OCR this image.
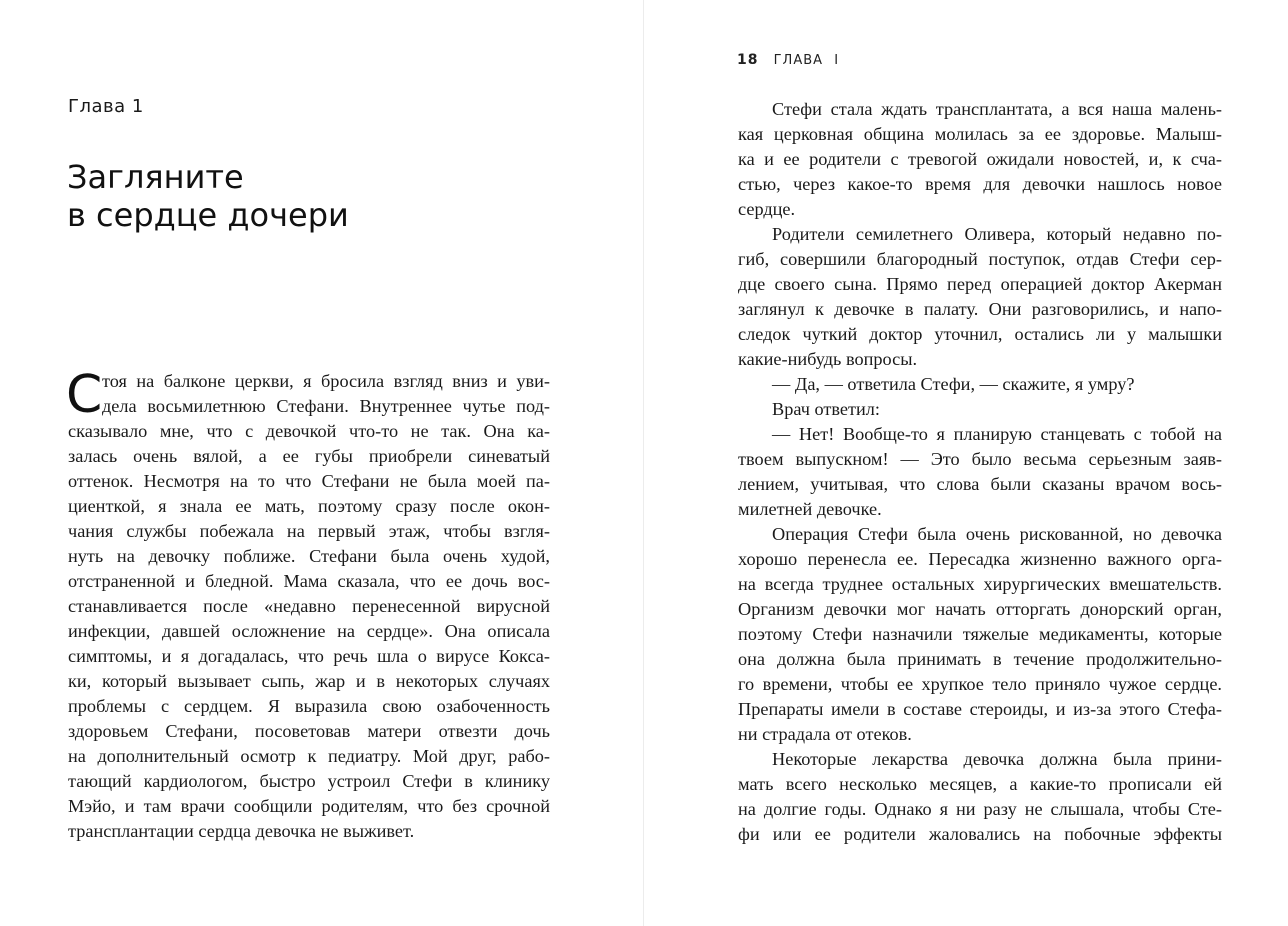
Глава 1
Загляните
в сердце дочери
С тоя на балконе церкви, я бросила взгляд вниз и уви-
дела восьмилетнюю Стефани. Внутреннее чутье под-
сказывало мне, что с девочкой что-то не так. Она ка-
залась очень вялой, а ее губы приобрели синеватый
оттенок. Несмотря на то что Стефани не была моей па-
циенткой, я знала ее мать, поэтому сразу после окон-
чания службы побежала на первый этаж, чтобы взгля-
нуть на девочку поближе. Стефани была очень худой,
отстраненной и бледной. Мама сказала, что ее дочь вос-
станавливается после «недавно перенесенной вирусной
инфекции, давшей осложнение на сердце». Она описала
симптомы, и я догадалась, что речь шла о вирусе Кокса-
ки, который вызывает сыпь, жар и в некоторых случаях
проблемы с сердцем. Я выразила свою озабоченность
здоровьем Стефани, посоветовав матери отвезти дочь
на дополнительный осмотр к педиатру. Мой друг, рабо-
тающий кардиологом, быстро устроил Стефи в клинику
Мэйо, и там врачи сообщили родителям, что без срочной
трансплантации сердца девочка не выживет.
18 ГЛАВА I
Стефи стала ждать трансплантата, а вся наша малень-
кая церковная община молилась за ее здоровье. Малыш-
ка и ее родители с тревогой ожидали новостей, и, к сча-
стью, через какое-то время для девочки нашлось новое
сердце.
Родители семилетнего Оливера, который недавно по-
гиб, совершили благородный поступок, отдав Стефи сер-
дце своего сына. Прямо перед операцией доктор Акерман
заглянул к девочке в палату. Они разговорились, и напо-
следок чуткий доктор уточнил, остались ли у малышки
какие-нибудь вопросы.
— Да, — ответила Стефи, — скажите, я умру?
Врач ответил:
— Нет! Вообще-то я планирую станцевать с тобой на
твоем выпускном! — Это было весьма серьезным заяв-
лением, учитывая, что слова были сказаны врачом вось-
милетней девочке.
Операция Стефи была очень рискованной, но девочка
хорошо перенесла ее. Пересадка жизненно важного орга-
на всегда труднее остальных хирургических вмешательств.
Организм девочки мог начать отторгать донорский орган,
поэтому Стефи назначили тяжелые медикаменты, которые
она должна была принимать в течение продолжительно-
го времени, чтобы ее хрупкое тело приняло чужое сердце.
Препараты имели в составе стероиды, и из-за этого Стефа-
ни страдала от отеков.
Некоторые лекарства девочка должна была прини-
мать всего несколько месяцев, а какие-то прописали ей
на долгие годы. Однако я ни разу не слышала, чтобы Сте-
фи или ее родители жаловались на побочные эффекты
